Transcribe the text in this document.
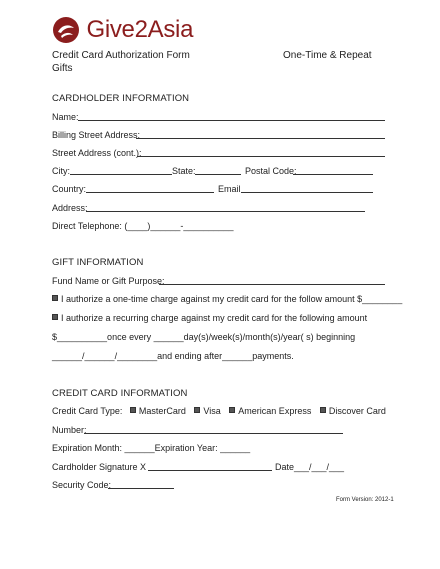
Give2Asia
Credit Card Authorization Form
Gifts
One-Time & Repeat
CARDHOLDER INFORMATION
Name:
Billing Street Address:
Street Address (cont.):
City:	State:	Postal Code:
Country:	Email
Address:
Direct Telephone: (____)______-__________
GIFT INFORMATION
Fund Name or Gift Purpose:
I authorize a one-time charge against my credit card for the follow amount $________
I authorize a recurring charge against my credit card for the following amount
$__________once every ______day(s)/week(s)/month(s)/year( s) beginning
______/______/________and ending after______payments.
CREDIT CARD INFORMATION
Credit Card Type: MasterCard Visa American Express Discover Card
Number:
Expiration Month: ______Expiration Year: ______
Cardholder Signature X	Date___/___/___
Security Code:
Form Version: 2012-1
